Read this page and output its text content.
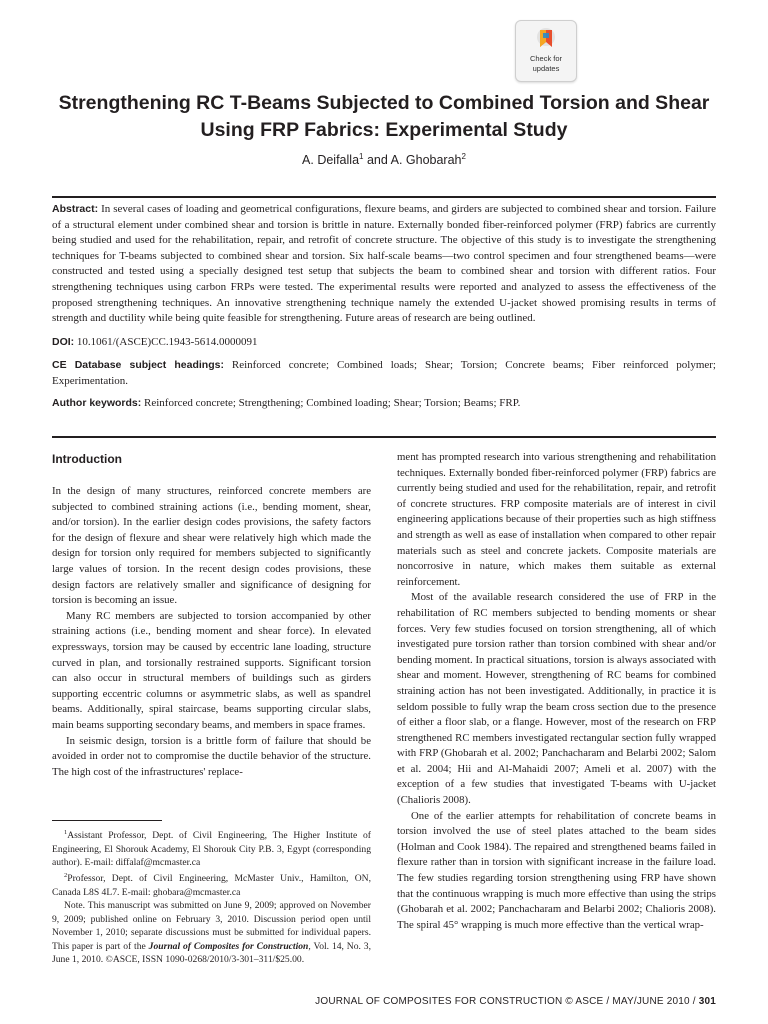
Check for
updates
Strengthening RC T-Beams Subjected to Combined Torsion and Shear Using FRP Fabrics: Experimental Study
A. Deifalla$^1$ and A. Ghobarah$^2$

Abstract: In several cases of loading and geometrical configurations, flexure beams, and girders are subjected to combined shear and torsion. Failure of a structural element under combined shear and torsion is brittle in nature. Externally bonded fiber-reinforced polymer (FRP) fabrics are currently being studied and used for the rehabilitation, repair, and retrofit of concrete structure. The objective of this study is to investigate the strengthening techniques for T-beams subjected to combined shear and torsion. Six half-scale beams—two control specimen and four strengthened beams—were constructed and tested using a specially designed test setup that subjects the beam to combined shear and torsion with different ratios. Four strengthening techniques using carbon FRPs were tested. The experimental results were reported and analyzed to assess the effectiveness of the proposed strengthening techniques. An innovative strengthening technique namely the extended U-jacket showed promising results in terms of strength and ductility while being quite feasible for strengthening. Future areas of research are being outlined.

DOI: 10.1061/(ASCE)CC.1943-5614.0000091

CE Database subject headings: Reinforced concrete; Combined loads; Shear; Torsion; Concrete beams; Fiber reinforced polymer; Experimentation.

Author keywords: Reinforced concrete; Strengthening; Combined loading; Shear; Torsion; Beams; FRP.

Introduction

In the design of many structures, reinforced concrete members are subjected to combined straining actions (i.e., bending moment, shear, and/or torsion). In the earlier design codes provisions, the safety factors for the design of flexure and shear were relatively high which made the design for torsion only required for members subjected to significantly large values of torsion. In the recent design codes provisions, these design factors are relatively smaller and significance of designing for torsion is becoming an issue.

Many RC members are subjected to torsion accompanied by other straining actions (i.e., bending moment and shear force). In elevated expressways, torsion may be caused by eccentric lane loading, structure curved in plan, and torsionally restrained supports. Significant torsion can also occur in structural members of buildings such as girders supporting eccentric columns or asymmetric slabs, as well as spandrel beams. Additionally, spiral staircase, beams supporting circular slabs, main beams supporting secondary beams, and members in space frames.

In seismic design, torsion is a brittle form of failure that should be avoided in order not to compromise the ductile behavior of the structure. The high cost of the infrastructures' replace-

ment has prompted research into various strengthening and rehabilitation techniques. Externally bonded fiber-reinforced polymer (FRP) fabrics are currently being studied and used for the rehabilitation, repair, and retrofit of concrete structures. FRP composite materials are of interest in civil engineering applications because of their properties such as high stiffness and strength as well as ease of installation when compared to other repair materials such as steel and concrete jackets. Composite materials are noncorrosive in nature, which makes them suitable as external reinforcement.

Most of the available research considered the use of FRP in the rehabilitation of RC members subjected to bending moments or shear forces. Very few studies focused on torsion strengthening, all of which investigated pure torsion rather than torsion combined with shear and/or bending moment. In practical situations, torsion is always associated with shear and moment. However, strengthening of RC beams for combined straining action has not been investigated. Additionally, in practice it is seldom possible to fully wrap the beam cross section due to the presence of either a floor slab, or a flange. However, most of the research on FRP strengthened RC members investigated rectangular section fully wrapped with FRP (Ghobarah et al. 2002; Panchacharam and Belarbi 2002; Salom et al. 2004; Hii and Al-Mahaidi 2007; Ameli et al. 2007) with the exception of a few studies that investigated T-beams with U-jacket (Chalioris 2008).

One of the earlier attempts for rehabilitation of concrete beams in torsion involved the use of steel plates attached to the beam sides (Holman and Cook 1984). The repaired and strengthened beams failed in flexure rather than in torsion with significant increase in the failure load. The few studies regarding torsion strengthening using FRP have shown that the continuous wrapping is much more effective than using the strips (Ghobarah et al. 2002; Panchacharam and Belarbi 2002; Chalioris 2008). The spiral 45° wrapping is much more effective than the vertical wrap-

$^1$Assistant Professor, Dept. of Civil Engineering, The Higher Institute of Engineering, El Shorouk Academy, El Shorouk City P.B. 3, Egypt (corresponding author). E-mail: diffalaf@mcmaster.ca

$^2$Professor, Dept. of Civil Engineering, McMaster Univ., Hamilton, ON, Canada L8S 4L7. E-mail: ghobara@mcmaster.ca

Note. This manuscript was submitted on June 9, 2009; approved on November 9, 2009; published online on February 3, 2010. Discussion period open until November 1, 2010; separate discussions must be submitted for individual papers. This paper is part of the Journal of Composites for Construction, Vol. 14, No. 3, June 1, 2010. ©ASCE, ISSN 1090-0268/2010/3-301–311/$25.00.

JOURNAL OF COMPOSITES FOR CONSTRUCTION © ASCE / MAY/JUNE 2010 / 301
